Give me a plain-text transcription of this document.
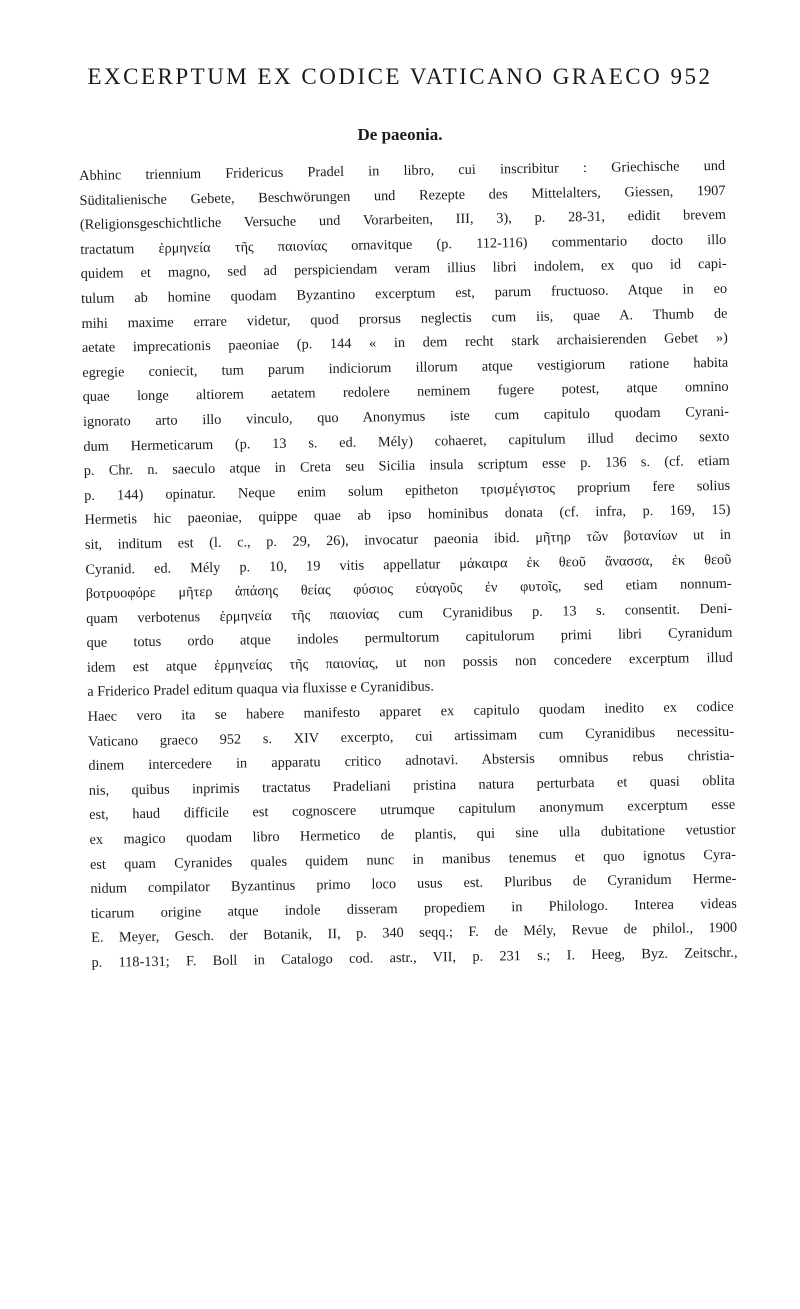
EXCERPTUM EX CODICE VATICANO GRAECO 952
De paeonia.
Abhinc triennium Fridericus Pradel in libro, cui inscribitur : Griechische und
Süditalienische Gebete, Beschwörungen und Rezepte des Mittelalters, Giessen, 1907
(Religionsgeschichtliche Versuche und Vorarbeiten, III, 3), p. 28-31, edidit brevem
tractatum ἑρμηνεία τῆς παιονίας ornavitque (p. 112-116) commentario docto illo
quidem et magno, sed ad perspiciendam veram illius libri indolem, ex quo id capi-
tulum ab homine quodam Byzantino excerptum est, parum fructuoso. Atque in eo
mihi maxime errare videtur, quod prorsus neglectis cum iis, quae A. Thumb de
aetate imprecationis paeoniae (p. 144 « in dem recht stark archaisierenden Gebet »)
egregie coniecit, tum parum indiciorum illorum atque vestigiorum ratione habita
quae longe altiorem aetatem redolere neminem fugere potest, atque omnino
ignorato arto illo vinculo, quo Anonymus iste cum capitulo quodam Cyrani-
dum Hermeticarum (p. 13 s. ed. Mély) cohaeret, capitulum illud decimo sexto
p. Chr. n. saeculo atque in Creta seu Sicilia insula scriptum esse p. 136 s. (cf. etiam
p. 144) opinatur. Neque enim solum epitheton τρισμέγιστος proprium fere solius
Hermetis hic paeoniae, quippe quae ab ipso hominibus donata (cf. infra, p. 169, 15)
sit, inditum est (l. c., p. 29, 26), invocatur paeonia ibid. μῆτηρ τῶν βοτανίων ut in
Cyranid. ed. Mély p. 10, 19 vitis appellatur μάκαιρα ἐκ θεοῦ ἄνασσα, ἐκ θεοῦ
βοτρυοφόρε μῆτερ ἁπάσης θείας φύσιος εὐαγοῦς ἐν φυτοῖς, sed etiam nonnum-
quam verbotenus ἑρμηνεία τῆς παιονίας cum Cyranidibus p. 13 s. consentit. Deni-
que totus ordo atque indoles permultorum capitulorum primi libri Cyranidum
idem est atque ἑρμηνείας τῆς παιονίας, ut non possis non concedere excerptum illud
a Friderico Pradel editum quaqua via fluxisse e Cyranidibus.
Haec vero ita se habere manifesto apparet ex capitulo quodam inedito ex codice
Vaticano graeco 952 s. XIV excerpto, cui artissimam cum Cyranidibus necessitu-
dinem intercedere in apparatu critico adnotavi. Abstersis omnibus rebus christia-
nis, quibus inprimis tractatus Pradeliani pristina natura perturbata et quasi oblita
est, haud difficile est cognoscere utrumque capitulum anonymum excerptum esse
ex magico quodam libro Hermetico de plantis, qui sine ulla dubitatione vetustior
est quam Cyranides quales quidem nunc in manibus tenemus et quo ignotus Cyra-
nidum compilator Byzantinus primo loco usus est. Pluribus de Cyranidum Herme-
ticarum origine atque indole disseram propediem in Philologo. Interea videas
E. Meyer, Gesch. der Botanik, II, p. 340 seqq.; F. de Mély, Revue de philol., 1900
p. 118-131; F. Boll in Catalogo cod. astr., VII, p. 231 s.; I. Heeg, Byz. Zeitschr.,
